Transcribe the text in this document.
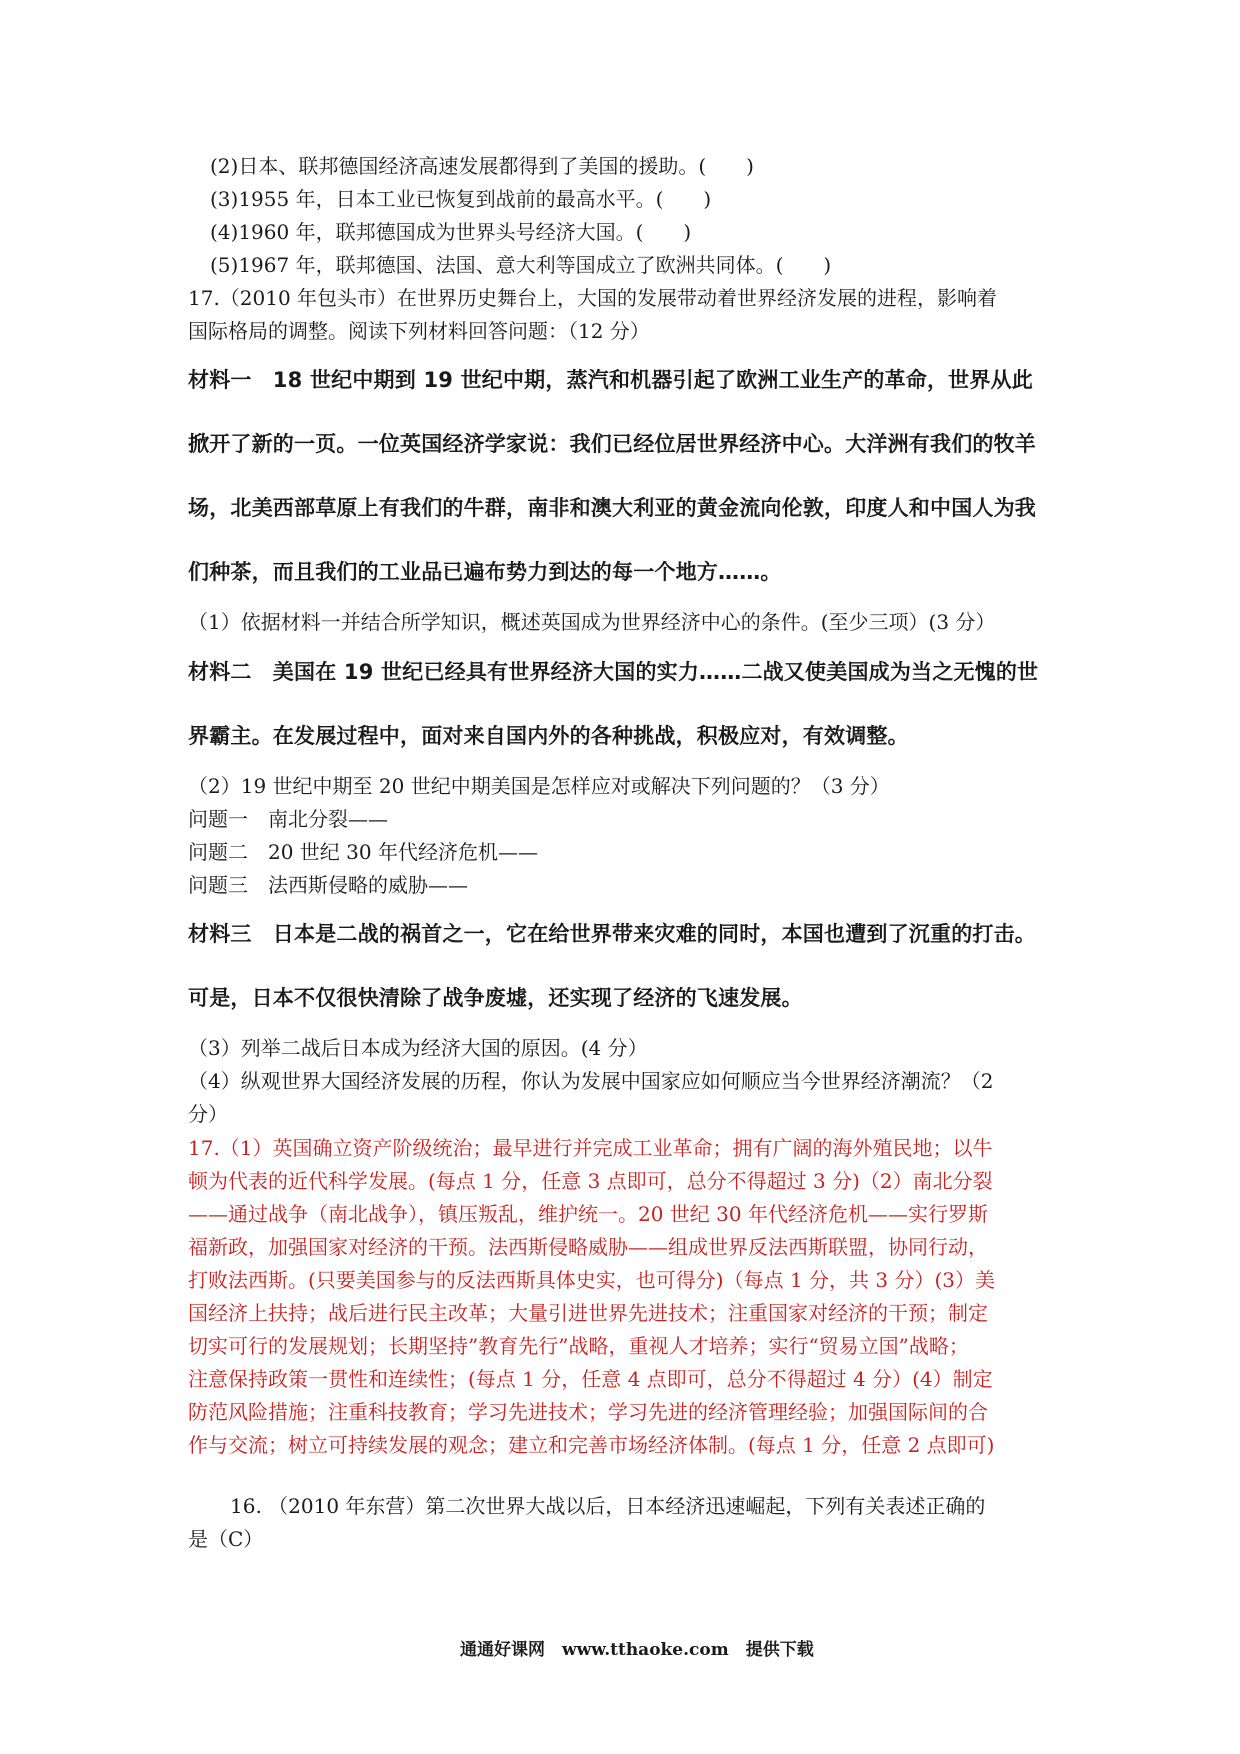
(2)日本、联邦德国经济高速发展都得到了美国的援助。(　　)
(3)1955 年，日本工业已恢复到战前的最高水平。(　　)
(4)1960 年，联邦德国成为世界头号经济大国。(　　)
(5)1967 年，联邦德国、法国、意大利等国成立了欧洲共同体。(　　)
17.（2010 年包头市）在世界历史舞台上，大国的发展带动着世界经济发展的进程，影响着
国际格局的调整。阅读下列材料回答问题：（12 分）
材料一　18 世纪中期到 19 世纪中期，蒸汽和机器引起了欧洲工业生产的革命，世界从此
掀开了新的一页。一位英国经济学家说：我们已经位居世界经济中心。大洋洲有我们的牧羊
场，北美西部草原上有我们的牛群，南非和澳大利亚的黄金流向伦敦，印度人和中国人为我
们种茶，而且我们的工业品已遍布势力到达的每一个地方……。
（1）依据材料一并结合所学知识，概述英国成为世界经济中心的条件。(至少三项）(3 分）
材料二　美国在 19 世纪已经具有世界经济大国的实力……二战又使美国成为当之无愧的世
界霸主。在发展过程中，面对来自国内外的各种挑战，积极应对，有效调整。
（2）19 世纪中期至 20 世纪中期美国是怎样应对或解决下列问题的？（3 分）
问题一　南北分裂——
问题二　20 世纪 30 年代经济危机——
问题三　法西斯侵略的威胁——
材料三　日本是二战的祸首之一，它在给世界带来灾难的同时，本国也遭到了沉重的打击。
可是，日本不仅很快清除了战争废墟，还实现了经济的飞速发展。
（3）列举二战后日本成为经济大国的原因。(4 分）
（4）纵观世界大国经济发展的历程，你认为发展中国家应如何顺应当今世界经济潮流？（2
分）
17.（1）英国确立资产阶级统治；最早进行并完成工业革命；拥有广阔的海外殖民地；以牛
顿为代表的近代科学发展。(每点 1 分，任意 3 点即可，总分不得超过 3 分)（2）南北分裂
——通过战争（南北战争），镇压叛乱，维护统一。20 世纪 30 年代经济危机——实行罗斯
福新政，加强国家对经济的干预。法西斯侵略威胁——组成世界反法西斯联盟，协同行动，
打败法西斯。(只要美国参与的反法西斯具体史实，也可得分)（每点 1 分，共 3 分）(3）美
国经济上扶持；战后进行民主改革；大量引进世界先进技术；注重国家对经济的干预；制定
切实可行的发展规划；长期坚持”教育先行”战略，重视人才培养；实行“贸易立国”战略；
注意保持政策一贯性和连续性；(每点 1 分，任意 4 点即可，总分不得超过 4 分）(4）制定
防范风险措施；注重科技教育；学习先进技术；学习先进的经济管理经验；加强国际间的合
作与交流；树立可持续发展的观念；建立和完善市场经济体制。(每点 1 分，任意 2 点即可)
16. （2010 年东营）第二次世界大战以后，日本经济迅速崛起，下列有关表述正确的
是（C）
通通好课网　www.tthaoke.com　提供下载
